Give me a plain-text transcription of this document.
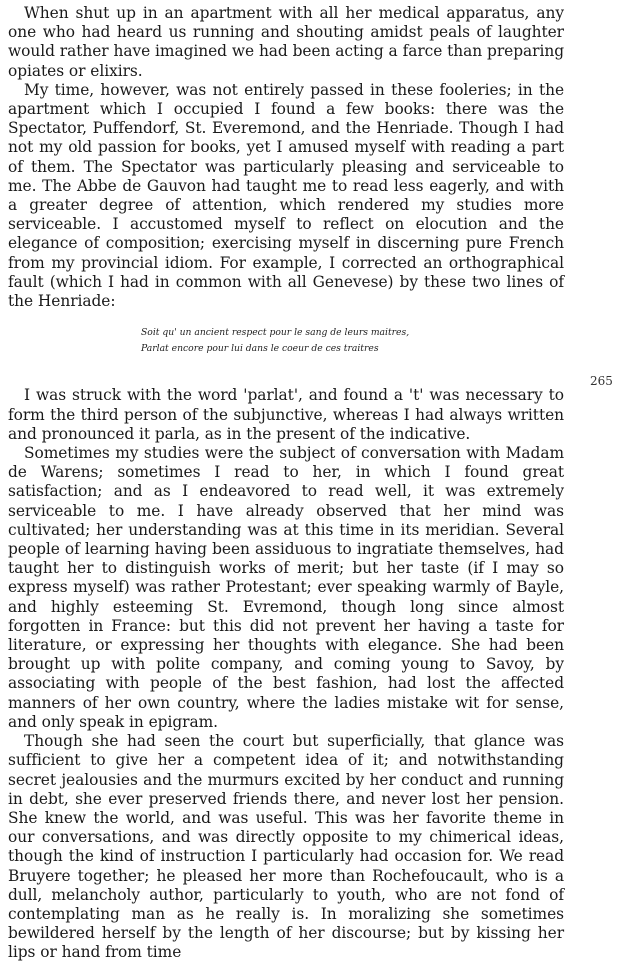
When shut up in an apartment with all her medical apparatus, any one who had heard us running and shouting amidst peals of laughter would rather have imagined we had been acting a farce than preparing opiates or elixirs.

My time, however, was not entirely passed in these fooleries; in the apartment which I occupied I found a few books: there was the Spectator, Puffendorf, St. Everemond, and the Henriade. Though I had not my old passion for books, yet I amused myself with reading a part of them. The Spectator was particularly pleasing and serviceable to me. The Abbe de Gauvon had taught me to read less eagerly, and with a greater degree of attention, which rendered my studies more serviceable. I accustomed myself to reflect on elocution and the elegance of composition; exercising myself in discerning pure French from my provincial idiom. For example, I corrected an orthographical fault (which I had in common with all Genevese) by these two lines of the Henriade:

Soit qu' un ancient respect pour le sang de leurs maitres,
Parlat encore pour lui dans le coeur de ces traitres

I was struck with the word 'parlat', and found a 't' was necessary to form the third person of the subjunctive, whereas I had always written and pronounced it parla, as in the present of the indicative.

Sometimes my studies were the subject of conversation with Madam de Warens; sometimes I read to her, in which I found great satisfaction; and as I endeavored to read well, it was extremely serviceable to me. I have already observed that her mind was cultivated; her understanding was at this time in its meridian. Several people of learning having been assiduous to ingratiate themselves, had taught her to distinguish works of merit; but her taste (if I may so express myself) was rather Protestant; ever speaking warmly of Bayle, and highly esteeming St. Evremond, though long since almost forgotten in France: but this did not prevent her having a taste for literature, or expressing her thoughts with elegance. She had been brought up with polite company, and coming young to Savoy, by associating with people of the best fashion, had lost the affected manners of her own country, where the ladies mistake wit for sense, and only speak in epigram.

Though she had seen the court but superficially, that glance was sufficient to give her a competent idea of it; and notwithstanding secret jealousies and the murmurs excited by her conduct and running in debt, she ever preserved friends there, and never lost her pension. She knew the world, and was useful. This was her favorite theme in our conversations, and was directly opposite to my chimerical ideas, though the kind of instruction I particularly had occasion for. We read Bruyere together; he pleased her more than Rochefoucault, who is a dull, melancholy author, particularly to youth, who are not fond of contemplating man as he really is. In moralizing she sometimes bewildered herself by the length of her discourse; but by kissing her lips or hand from time

265
